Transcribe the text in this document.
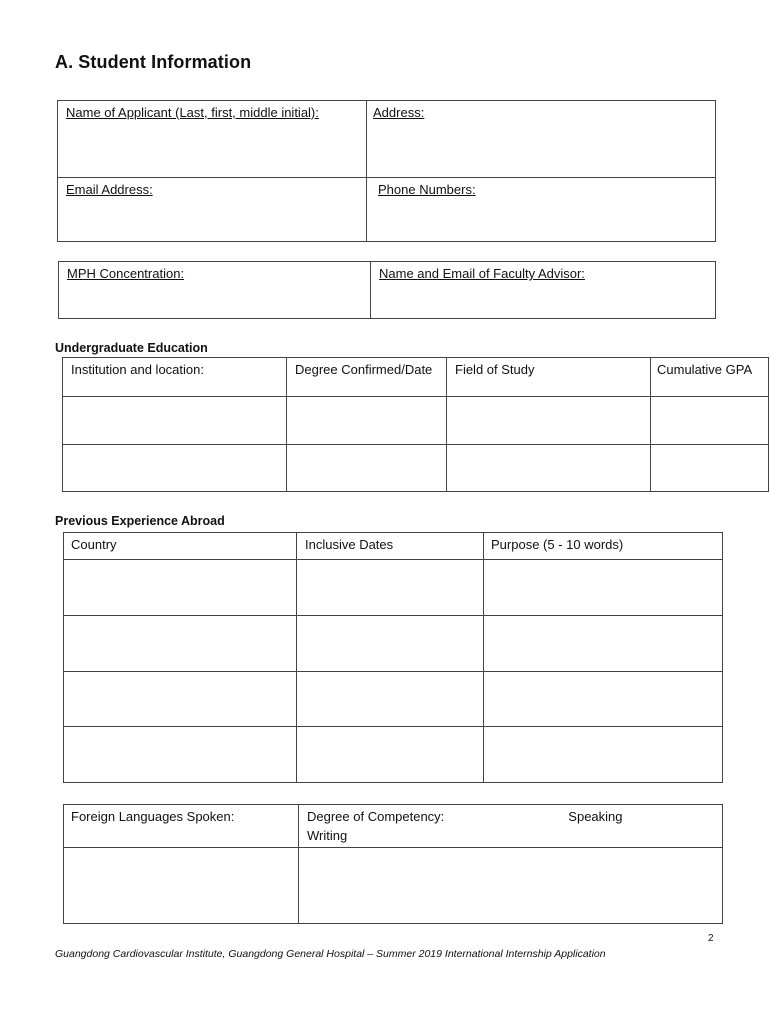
A. Student Information
Name of Applicant (Last, first, middle initial):	Address:

Email Address:	Phone Numbers:
MPH Concentration:	Name and Email of Faculty Advisor:
Undergraduate Education
Institution and location:	Degree Confirmed/Date	Field of Study	Cumulative GPA

Previous Experience Abroad
Country	Inclusive Dates	Purpose (5 - 10 words)

Foreign Languages Spoken:	Degree of Competency: Speaking
Writing

2
Guangdong Cardiovascular Institute, Guangdong General Hospital – Summer 2019 International Internship Application
